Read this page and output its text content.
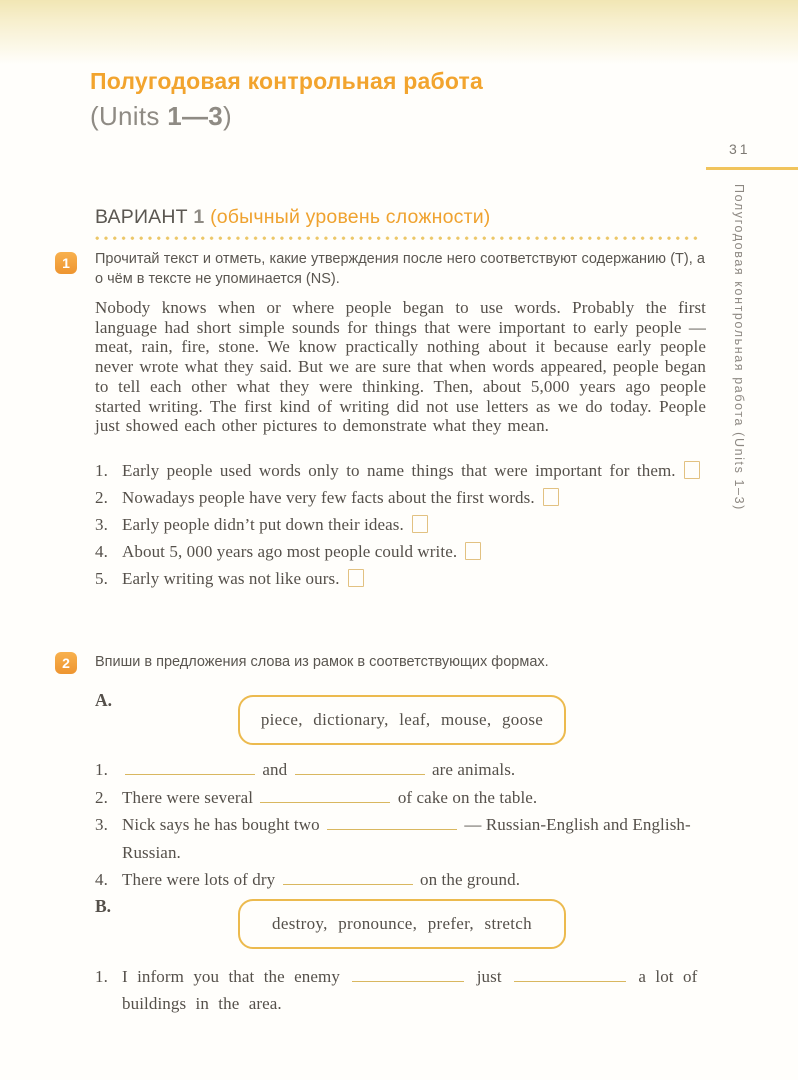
Полугодовая контрольная работа
(Units 1—3)
31
Полугодовая контрольная работа (Units 1–3)
ВАРИАНТ 1 (обычный уровень сложности)
1	Прочитай текст и отметь, какие утверждения после него соответствуют содержанию (T), а о чём в тексте не упоминается (NS).
Nobody knows when or where people began to use words. Probably the first language had short simple sounds for things that were important to early people — meat, rain, fire, stone. We know practically nothing about it because early people never wrote what they said. But we are sure that when words appeared, people began to tell each other what they were thinking. Then, about 5,000 years ago people started writing. The first kind of writing did not use letters as we do today. People just showed each other pictures to demonstrate what they mean.
1. Early people used words only to name things that were important for them.
2. Nowadays people have very few facts about the first words.
3. Early people didn’t put down their ideas.
4. About 5, 000 years ago most people could write.
5. Early writing was not like ours.
2	Впиши в предложения слова из рамок в соответствующих формах.
A.
piece, dictionary, leaf, mouse, goose
1.	and	are animals.
2. There were several	of cake on the table.
3. Nick says he has bought two	— Russian-English and English-Russian.
4. There were lots of dry	on the ground.
B.
destroy, pronounce, prefer, stretch
1. I inform you that the enemy	just	a lot of buildings in the area.
